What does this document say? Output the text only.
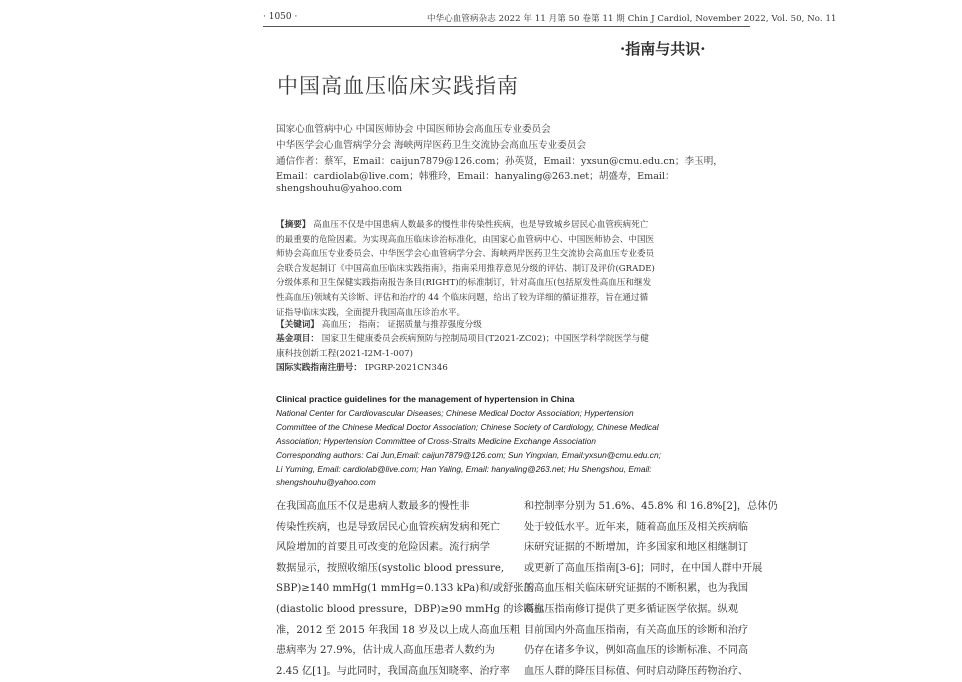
· 1050 ·	中华心血管病杂志 2022 年 11 月第 50 卷第 11 期 Chin J Cardiol, November 2022, Vol. 50, No. 11
·指南与共识·
中国高血压临床实践指南
国家心血管病中心 中国医师协会 中国医师协会高血压专业委员会
中华医学会心血管病学分会 海峡两岸医药卫生交流协会高血压专业委员会
通信作者：蔡军，Email：caijun7879@126.com；孙英贤，Email：yxsun@cmu.edu.cn；李玉明，
Email：cardiolab@live.com；韩雅玲，Email：hanyaling@263.net；胡盛寿，Email：
shengshouhu@yahoo.com
【摘要】 高血压不仅是中国患病人数最多的慢性非传染性疾病，也是导致城乡居民心血管疾病死亡的最重要的危险因素。为实现高血压临床诊治标准化，由国家心血管病中心、中国医师协会、中国医师协会高血压专业委员会、中华医学会心血管病学分会、海峡两岸医药卫生交流协会高血压专业委员会联合发起制订《中国高血压临床实践指南》，指南采用推荐意见分级的评估、制订及评价(GRADE)分级体系和卫生保健实践指南报告条目(RIGHT)的标准制订，针对高血压(包括原发性高血压和继发性高血压)领域有关诊断、评估和治疗的 44 个临床问题，给出了较为详细的循证推荐，旨在通过循证指导临床实践，全面提升我国高血压诊治水平。
【关键词】 高血压； 指南； 证据质量与推荐强度分级
基金项目： 国家卫生健康委员会疾病预防与控制局项目(T2021-ZC02)；中国医学科学院医学与健康科技创新工程(2021-I2M-1-007)
国际实践指南注册号： IPGRP-2021CN346
Clinical practice guidelines for the management of hypertension in China
National Center for Cardiovascular Diseases; Chinese Medical Doctor Association; Hypertension
Committee of the Chinese Medical Doctor Association; Chinese Society of Cardiology, Chinese Medical
Association; Hypertension Committee of Cross-Straits Medicine Exchange Association
Corresponding authors: Cai Jun,Email: caijun7879@126.com; Sun Yingxian, Email:yxsun@cmu.edu.cn;
Li Yuming, Email: cardiolab@live.com; Han Yaling, Email: hanyaling@263.net; Hu Shengshou, Email:
shengshouhu@yahoo.com
在我国高血压不仅是患病人数最多的慢性非
传染性疾病，也是导致居民心血管疾病发病和死亡
风险增加的首要且可改变的危险因素。流行病学
数据显示，按照收缩压(systolic blood pressure,
SBP)≥140 mmHg(1 mmHg=0.133 kPa)和/或舒张压
(diastolic blood pressure，DBP)≥90 mmHg 的诊断标
准，2012 至 2015 年我国 18 岁及以上成人高血压粗
患病率为 27.9%，估计成人高血压患者人数约为
2.45 亿[1]。与此同时，我国高血压知晓率、治疗率
和控制率分别为 51.6%、45.8% 和 16.8%[2]，总体仍
处于较低水平。近年来，随着高血压及相关疾病临
床研究证据的不断增加，许多国家和地区相继制订
或更新了高血压指南[3-6]；同时，在中国人群中开展
的高血压相关临床研究证据的不断积累，也为我国
高血压指南修订提供了更多循证医学依据。纵观
目前国内外高血压指南，有关高血压的诊断和治疗
仍存在诸多争议，例如高血压的诊断标准、不同高
血压人群的降压目标值、何时启动降压药物治疗、
